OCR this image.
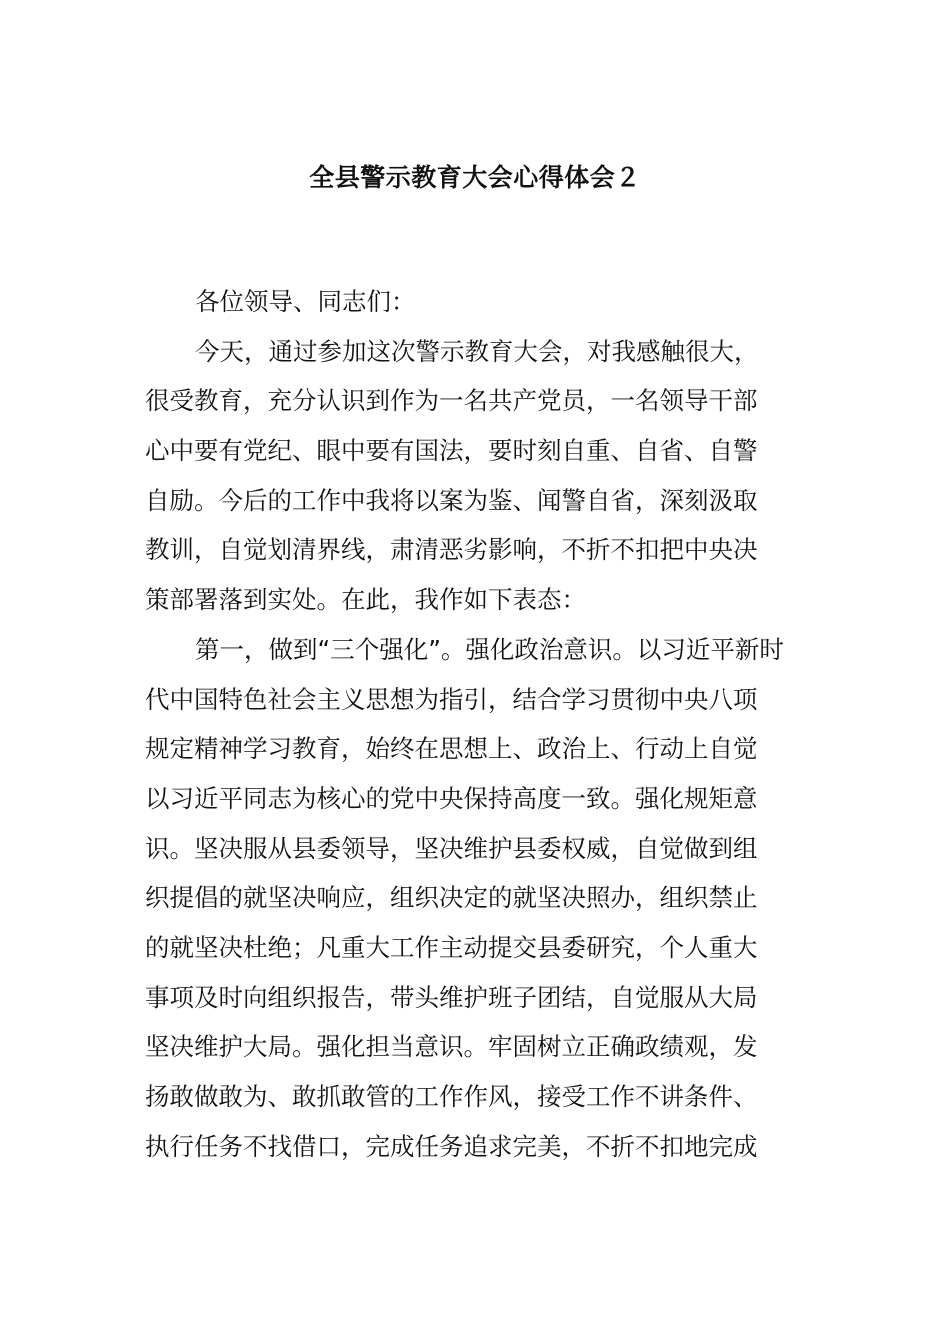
全县警示教育大会心得体会２
各位领导、同志们：
今天，通过参加这次警示教育大会，对我感触很大，
很受教育，充分认识到作为一名共产党员，一名领导干部
心中要有党纪、眼中要有国法，要时刻自重、自省、自警
自励。今后的工作中我将以案为鉴、闻警自省，深刻汲取
教训，自觉划清界线，肃清恶劣影响，不折不扣把中央决
策部署落到实处。在此，我作如下表态：
第一，做到“三个强化”。强化政治意识。以习近平新时
代中国特色社会主义思想为指引，结合学习贯彻中央八项
规定精神学习教育，始终在思想上、政治上、行动上自觉
以习近平同志为核心的党中央保持高度一致。强化规矩意
识。坚决服从县委领导，坚决维护县委权威，自觉做到组
织提倡的就坚决响应，组织决定的就坚决照办，组织禁止
的就坚决杜绝；凡重大工作主动提交县委研究，个人重大
事项及时向组织报告，带头维护班子团结，自觉服从大局
坚决维护大局。强化担当意识。牢固树立正确政绩观，发
扬敢做敢为、敢抓敢管的工作作风，接受工作不讲条件、
执行任务不找借口，完成任务追求完美，不折不扣地完成
